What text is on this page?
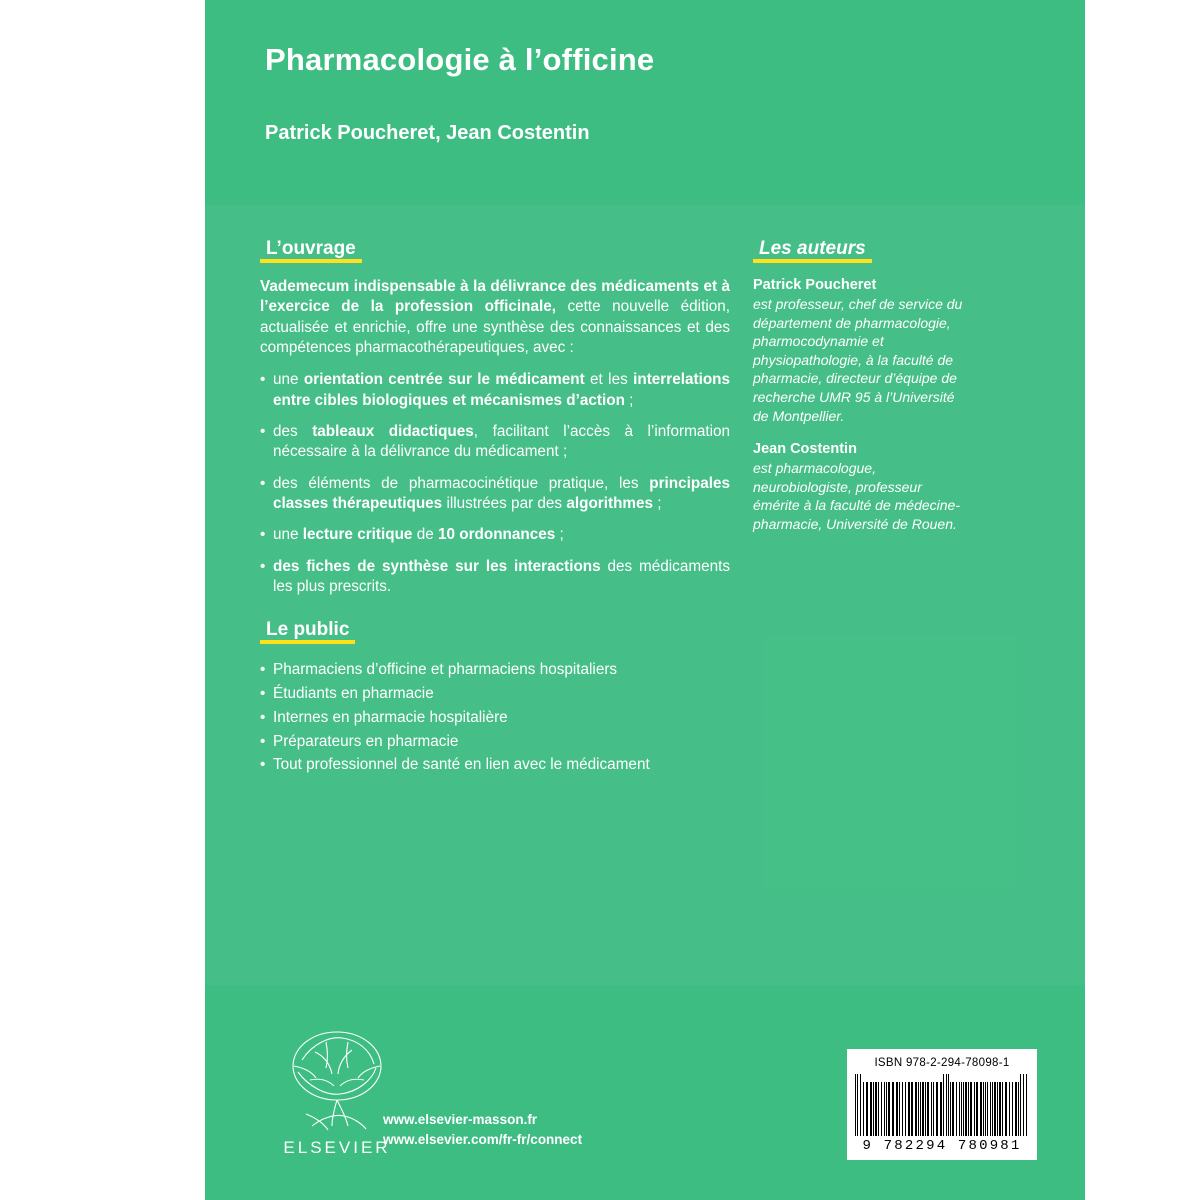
Pharmacologie à l’officine
Patrick Poucheret, Jean Costentin
L’ouvrage

Vademecum indispensable à la délivrance des médicaments et à l’exercice de la profession officinale, cette nouvelle édition, actualisée et enrichie, offre une synthèse des connaissances et des compétences pharmacothérapeutiques, avec :

• une orientation centrée sur le médicament et les interrelations entre cibles biologiques et mécanismes d’action ;
• des tableaux didactiques, facilitant l’accès à l’information nécessaire à la délivrance du médicament ;
• des éléments de pharmacocinétique pratique, les principales classes thérapeutiques illustrées par des algorithmes ;
• une lecture critique de 10 ordonnances ;
• des fiches de synthèse sur les interactions des médicaments les plus prescrits.
Le public
• Pharmaciens d’officine et pharmaciens hospitaliers
• Étudiants en pharmacie
• Internes en pharmacie hospitalière
• Préparateurs en pharmacie
• Tout professionnel de santé en lien avec le médicament
Les auteurs
Patrick Poucheret
est professeur, chef de service du département de pharmacologie, pharmocodynamie et physiopathologie, à la faculté de pharmacie, directeur d’équipe de recherche UMR 95 à l’Université de Montpellier.
Jean Costentin
est pharmacologue, neurobiologiste, professeur émérite à la faculté de médecine-pharmacie, Université de Rouen.
ELSEVIER
www.elsevier-masson.fr
www.elsevier.com/fr-fr/connect
ISBN 978-2-294-78098-1
9 782294 780981
